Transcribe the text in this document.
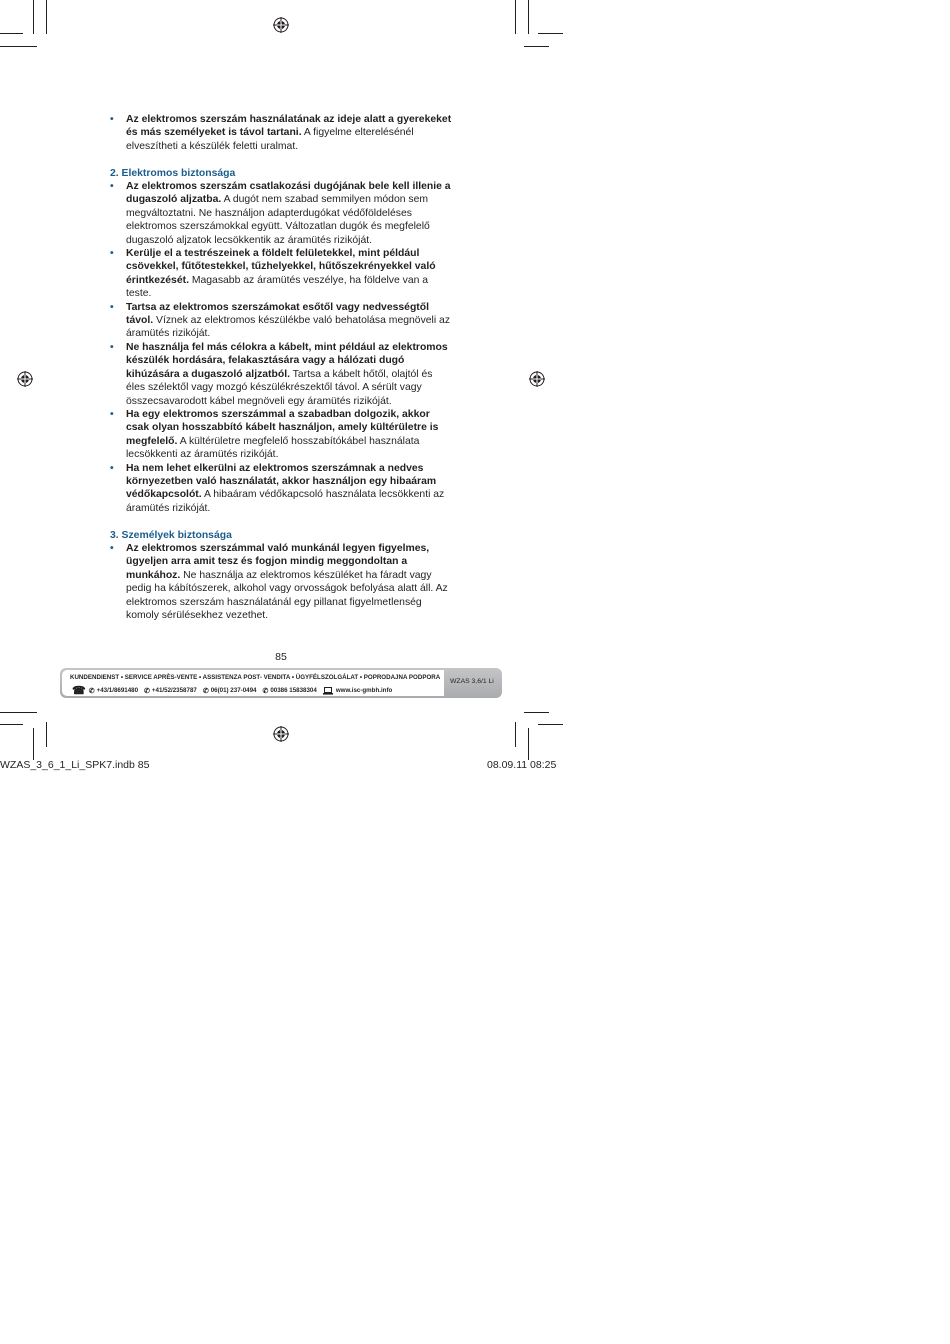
• Az elektromos szerszám használatának az ideje alatt a gyerekeket és más személyeket is távol tartani. A figyelme elterelésénél elveszítheti a készülék feletti uralmat.
2. Elektromos biztonsága
• Az elektromos szerszám csatlakozási dugójának bele kell illenie a dugaszoló aljzatba. A dugót nem szabad semmilyen módon sem megváltoztatni. Ne használjon adapterdugókat védőföldeléses elektromos szerszámokkal együtt. Változatlan dugók és megfelelő dugaszoló aljzatok lecsökkentik az áramütés rizikóját.
• Kerülje el a testrészeinek a földelt felületekkel, mint például csövekkel, fűtőtestekkel, tűzhelyekkel, hűtőszekrényekkel való érintkezését. Magasabb az áramütés veszélye, ha földelve van a teste.
• Tartsa az elektromos szerszámokat esőtől vagy nedvességtől távol. Víznek az elektromos készülékbe való behatolása megnöveli az áramütés rizikóját.
• Ne használja fel más célokra a kábelt, mint például az elektromos készülék hordására, felakasztására vagy a hálózati dugó kihúzására a dugaszoló aljzatból. Tartsa a kábelt hőtől, olajtól és éles szélektől vagy mozgó készülékrészektől távol. A sérült vagy összecsavarodott kábel megnöveli egy áramütés rizikóját.
• Ha egy elektromos szerszámmal a szabadban dolgozik, akkor csak olyan hosszabbító kábelt használjon, amely kültérületre is megfelelő. A kültérületre megfelelő hosszabítókábel használata lecsökkenti az áramütés rizikóját.
• Ha nem lehet elkerülni az elektromos szerszámnak a nedves környezetben való használatát, akkor használjon egy hibaáram védőkapcsolót. A hibaáram védőkapcsoló használata lecsökkenti az áramütés rizikóját.
3. Személyek biztonsága
• Az elektromos szerszámmal való munkánál legyen figyelmes, ügyeljen arra amit tesz és fogjon mindig meggondoltan a munkához. Ne használja az elektromos készüléket ha fáradt vagy pedig ha kábítószerek, alkohol vagy orvosságok befolyása alatt áll. Az elektromos szerszám használatánál egy pillanat figyelmetlenség komoly sérülésekhez vezethet.
85
KUNDENDIENST • SERVICE APRÈS-VENTE • ASSISTENZA POST- VENDITA • ÜGYFÉLSZOLGÁLAT • POPRODAJNA PODPORA
☎ ✆ +43/1/8691480 ✆ +41/52/2358787 ✆ 06(01) 237-0494 ✆ 00386 15838304	www.isc-gmbh.info
WZAS 3,6/1 Li
WZAS_3_6_1_Li_SPK7.indb 85	08.09.11 08:25
